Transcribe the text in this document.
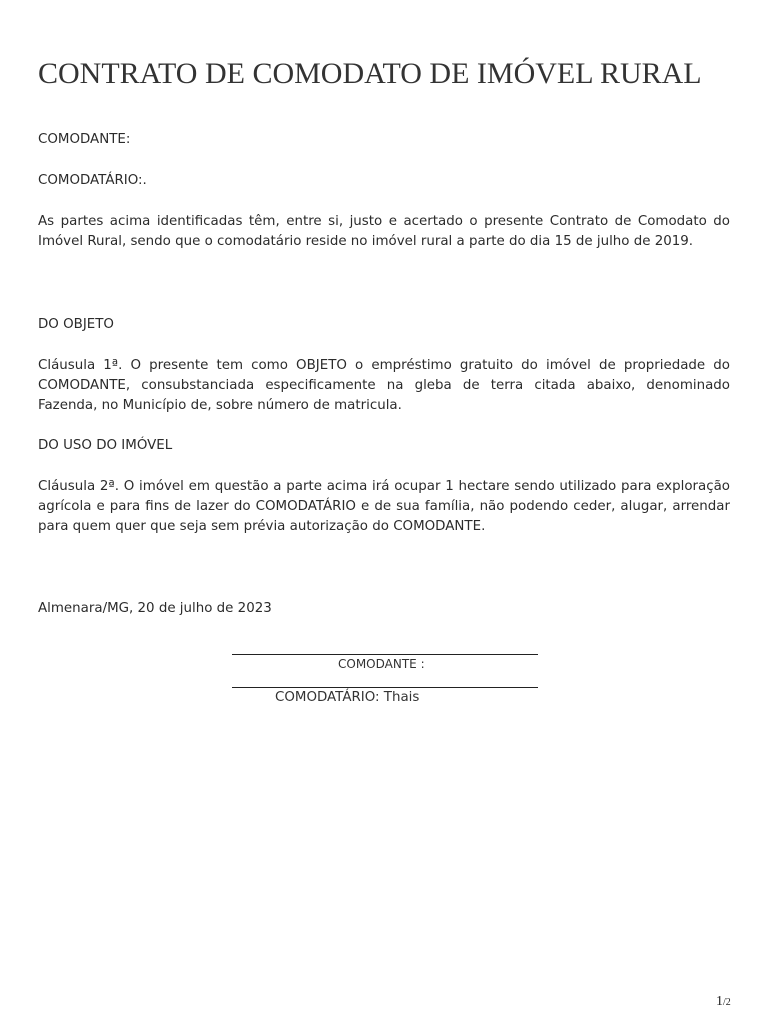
CONTRATO DE COMODATO DE IMÓVEL RURAL

COMODANTE:

COMODATÁRIO:.

As partes acima identificadas têm, entre si, justo e acertado o presente Contrato de Comodato do Imóvel Rural, sendo que o comodatário reside no imóvel rural a parte do dia 15 de julho de 2019.

DO OBJETO

Cláusula 1ª. O presente tem como OBJETO o empréstimo gratuito do imóvel de propriedade do COMODANTE, consubstanciada especificamente na gleba de terra citada abaixo, denominado Fazenda, no Município de, sobre número de matricula.

DO USO DO IMÓVEL

Cláusula 2ª. O imóvel em questão a parte acima irá ocupar 1 hectare sendo utilizado para exploração agrícola e para fins de lazer do COMODATÁRIO e de sua família, não podendo ceder, alugar, arrendar para quem quer que seja sem prévia autorização do COMODANTE.

Almenara/MG, 20 de julho de 2023

COMODANTE :

COMODATÁRIO: Thais

1/2
